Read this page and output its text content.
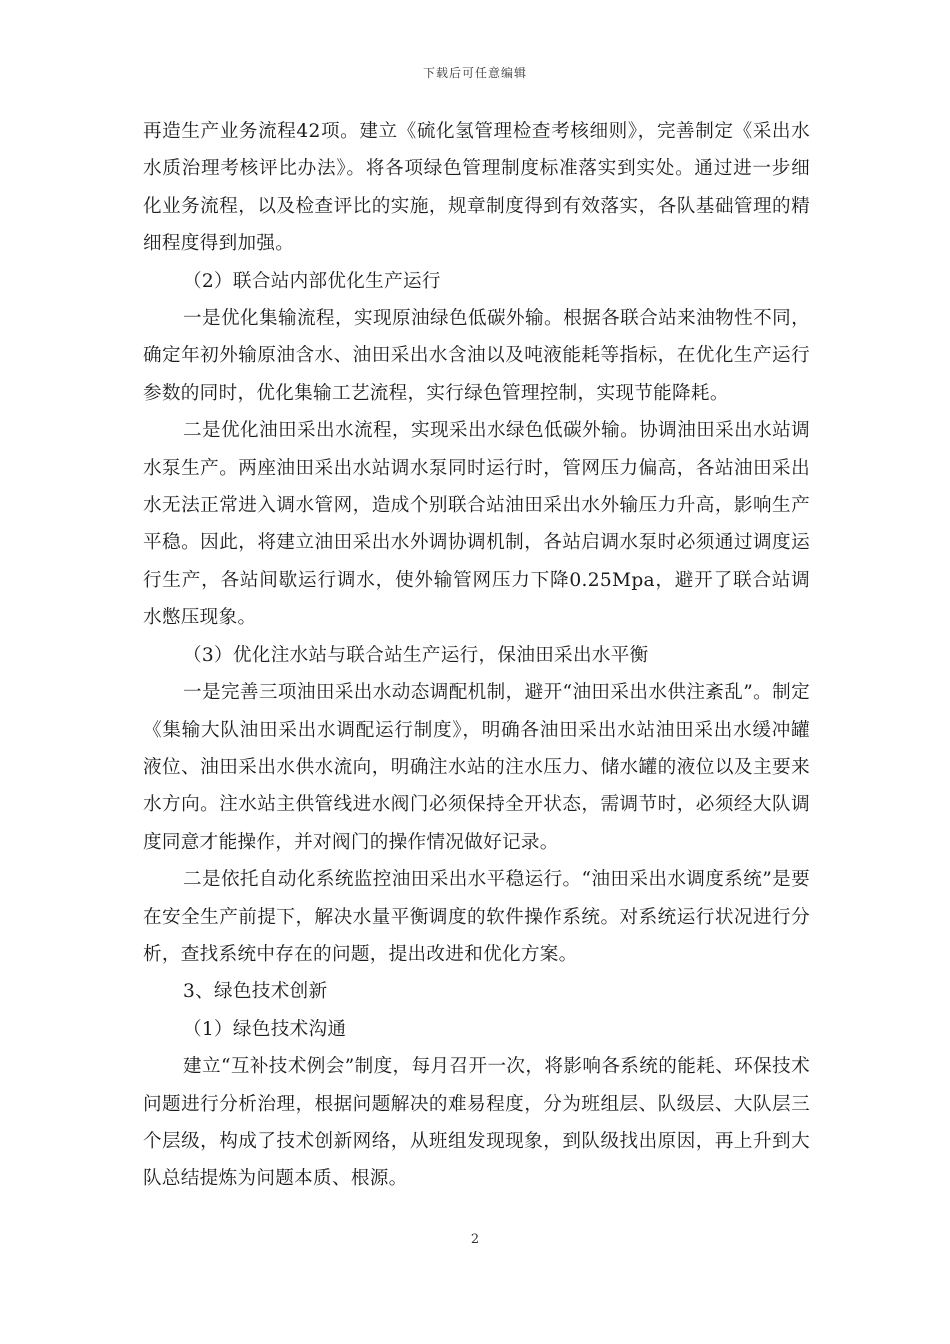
下载后可任意编辑

再造生产业务流程42项。建立《硫化氢管理检查考核细则》，完善制定《采出水水质治理考核评比办法》。将各项绿色管理制度标准落实到实处。通过进一步细化业务流程，以及检查评比的实施，规章制度得到有效落实，各队基础管理的精细程度得到加强。

（2）联合站内部优化生产运行

一是优化集输流程，实现原油绿色低碳外输。根据各联合站来油物性不同，确定年初外输原油含水、油田采出水含油以及吨液能耗等指标，在优化生产运行参数的同时，优化集输工艺流程，实行绿色管理控制，实现节能降耗。

二是优化油田采出水流程，实现采出水绿色低碳外输。协调油田采出水站调水泵生产。两座油田采出水站调水泵同时运行时，管网压力偏高，各站油田采出水无法正常进入调水管网，造成个别联合站油田采出水外输压力升高，影响生产平稳。因此，将建立油田采出水外调协调机制，各站启调水泵时必须通过调度运行生产，各站间歇运行调水，使外输管网压力下降0.25Mpa，避开了联合站调水憋压现象。

（3）优化注水站与联合站生产运行，保油田采出水平衡

一是完善三项油田采出水动态调配机制，避开“油田采出水供注紊乱”。制定《集输大队油田采出水调配运行制度》，明确各油田采出水站油田采出水缓冲罐液位、油田采出水供水流向，明确注水站的注水压力、储水罐的液位以及主要来水方向。注水站主供管线进水阀门必须保持全开状态，需调节时，必须经大队调度同意才能操作，并对阀门的操作情况做好记录。

二是依托自动化系统监控油田采出水平稳运行。“油田采出水调度系统”是要在安全生产前提下，解决水量平衡调度的软件操作系统。对系统运行状况进行分析，查找系统中存在的问题，提出改进和优化方案。

3、绿色技术创新

（1）绿色技术沟通

建立“互补技术例会”制度，每月召开一次，将影响各系统的能耗、环保技术问题进行分析治理，根据问题解决的难易程度，分为班组层、队级层、大队层三个层级，构成了技术创新网络，从班组发现现象，到队级找出原因，再上升到大队总结提炼为问题本质、根源。

2
